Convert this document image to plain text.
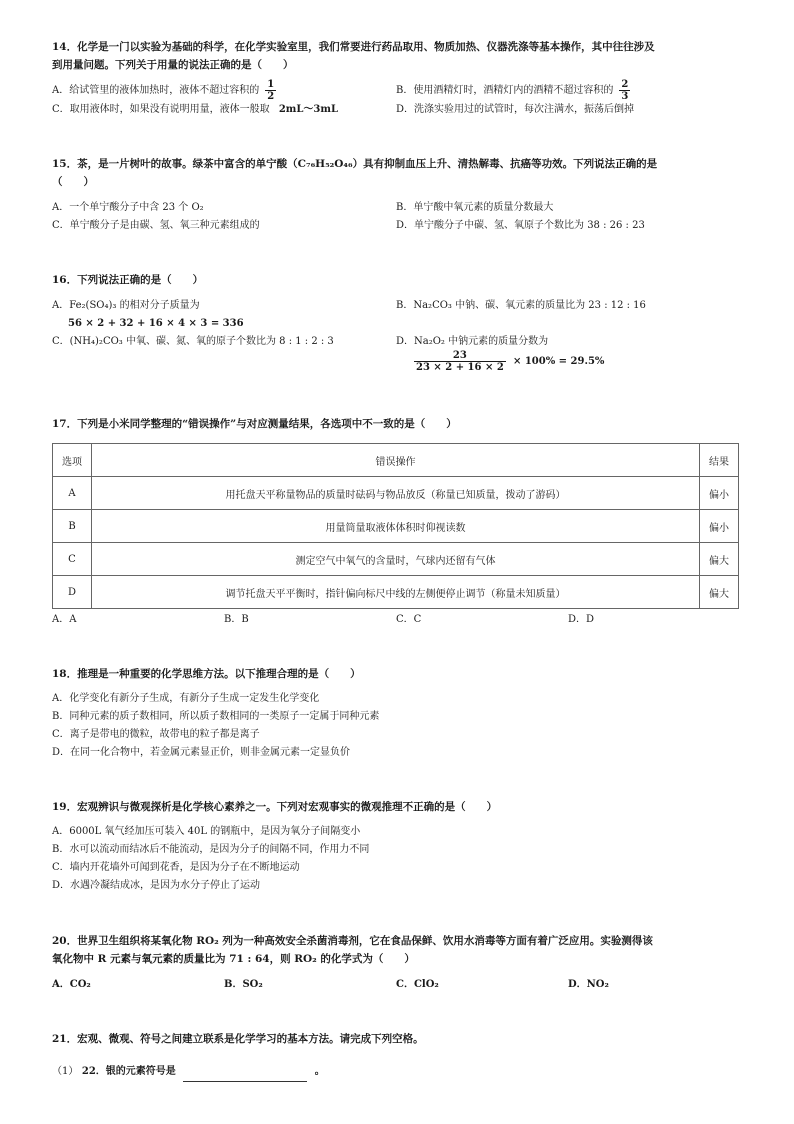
14．化学是一门以实验为基础的科学，在化学实验室里，我们常要进行药品取用、物质加热、仪器洗涤等基本操作，其中往往涉及
到用量问题。下列关于用量的说法正确的是（　　）
A．给试管里的液体加热时，液体不超过容积的 $\frac{1}{2}$	B．使用酒精灯时，酒精灯内的酒精不超过容积的 $\frac{2}{3}$
C．取用液体时，如果没有说明用量，液体一般取 2mL～3mL	D．洗涤实验用过的试管时，每次注满水，振荡后倒掉
15．茶，是一片树叶的故事。绿茶中富含的单宁酸（C₇₆H₅₂O₄₆）具有抑制血压上升、清热解毒、抗癌等功效。下列说法正确的是
（　　）
A．一个单宁酸分子中含 23 个 O₂	B．单宁酸中氧元素的质量分数最大
C．单宁酸分子是由碳、氢、氧三种元素组成的	D．单宁酸分子中碳、氢、氧原子个数比为 38 : 26 : 23
16．下列说法正确的是（　　）
A．Fe₂(SO₄)₃ 的相对分子质量为	B．Na₂CO₃ 中钠、碳、氧元素的质量比为 23 : 12 : 16
56 × 2 + 32 + 16 × 4 × 3 = 336
C．(NH₄)₂CO₃ 中氧、碳、氮、氧的原子个数比为 8 : 1 : 2 : 3	D．Na₂O₂ 中钠元素的质量分数为
$\frac{23}{23 \times 2 + 16 \times 2} \times 100\% = 29.5\%$
17．下列是小米同学整理的“错误操作”与对应测量结果，各选项中不一致的是（　　）
选项	错误操作	结果
A	用托盘天平称量物品的质量时砝码与物品放反（称量已知质量，拨动了游码）	偏小
B	用量筒量取液体体积时仰视读数	偏小
C	测定空气中氧气的含量时，气球内还留有气体	偏大
D	调节托盘天平平衡时，指针偏向标尺中线的左侧便停止调节（称量未知质量）	偏大
A．A	B．B	C．C	D．D
18．推理是一种重要的化学思维方法。以下推理合理的是（　　）
A．化学变化有新分子生成，有新分子生成一定发生化学变化
B．同种元素的质子数相同，所以质子数相同的一类原子一定属于同种元素
C．离子是带电的微粒，故带电的粒子都是离子
D．在同一化合物中，若金属元素显正价，则非金属元素一定显负价
19．宏观辨识与微观探析是化学核心素养之一。下列对宏观事实的微观推理不正确的是（　　）
A．6000L 氧气经加压可装入 40L 的钢瓶中，是因为氧分子间隔变小
B．水可以流动而结冰后不能流动，是因为分子的间隔不同，作用力不同
C．墙内开花墙外可闻到花香，是因为分子在不断地运动
D．水遇冷凝结成冰，是因为水分子停止了运动
20．世界卫生组织将某氧化物 RO₂ 列为一种高效安全杀菌消毒剂，它在食品保鲜、饮用水消毒等方面有着广泛应用。实验测得该
氧化物中 R 元素与氧元素的质量比为 71 : 64，则 RO₂ 的化学式为（　　）
A．CO₂	B．SO₂	C．ClO₂	D．NO₂
21．宏观、微观、符号之间建立联系是化学学习的基本方法。请完成下列空格。
（1） 22．银的元素符号是	。
